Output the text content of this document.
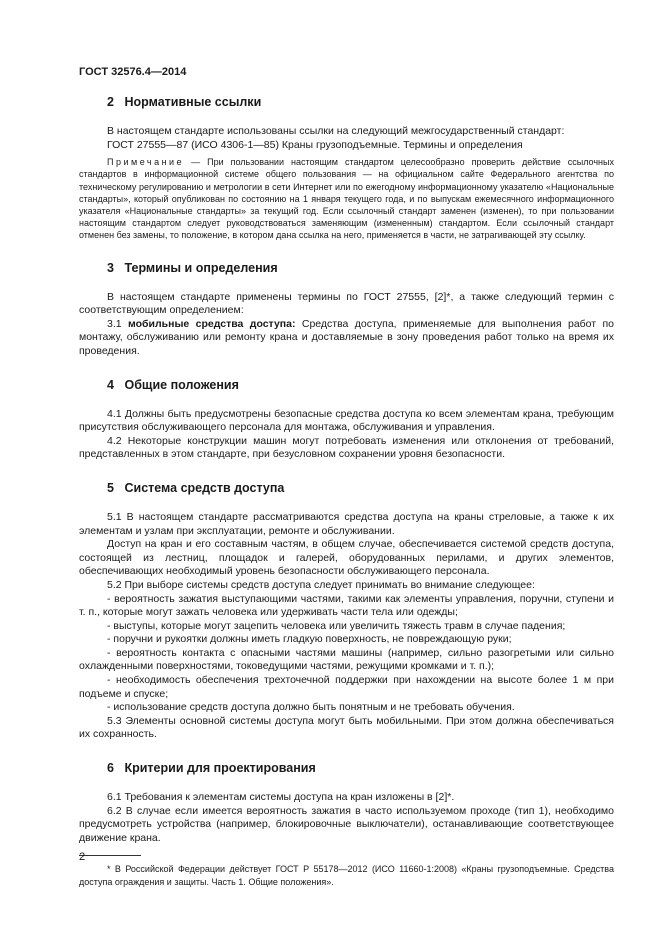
ГОСТ 32576.4—2014
2 Нормативные ссылки

В настоящем стандарте использованы ссылки на следующий межгосударственный стандарт:

ГОСТ 27555—87 (ИСО 4306-1—85) Краны грузоподъемные. Термины и определения

Примечание — При пользовании настоящим стандартом целесообразно проверить действие ссылочных стандартов в информационной системе общего пользования — на официальном сайте Федерального агентства по техническому регулированию и метрологии в сети Интернет или по ежегодному информационному указателю «Национальные стандарты», который опубликован по состоянию на 1 января текущего года, и по выпускам ежемесячного информационного указателя «Национальные стандарты» за текущий год. Если ссылочный стандарт заменен (изменен), то при пользовании настоящим стандартом следует руководствоваться заменяющим (измененным) стандартом. Если ссылочный стандарт отменен без замены, то положение, в котором дана ссылка на него, применяется в части, не затрагивающей эту ссылку.

3 Термины и определения

В настоящем стандарте применены термины по ГОСТ 27555, [2]*, а также следующий термин с соответствующим определением:

3.1 мобильные средства доступа: Средства доступа, применяемые для выполнения работ по монтажу, обслуживанию или ремонту крана и доставляемые в зону проведения работ только на время их проведения.

4 Общие положения

4.1 Должны быть предусмотрены безопасные средства доступа ко всем элементам крана, требующим присутствия обслуживающего персонала для монтажа, обслуживания и управления.

4.2 Некоторые конструкции машин могут потребовать изменения или отклонения от требований, представленных в этом стандарте, при безусловном сохранении уровня безопасности.

5 Система средств доступа

5.1 В настоящем стандарте рассматриваются средства доступа на краны стреловые, а также к их элементам и узлам при эксплуатации, ремонте и обслуживании.

Доступ на кран и его составным частям, в общем случае, обеспечивается системой средств доступа, состоящей из лестниц, площадок и галерей, оборудованных перилами, и других элементов, обеспечивающих необходимый уровень безопасности обслуживающего персонала.

5.2 При выборе системы средств доступа следует принимать во внимание следующее:

- вероятность зажатия выступающими частями, такими как элементы управления, поручни, ступени и т. п., которые могут зажать человека или удерживать части тела или одежды;

- выступы, которые могут зацепить человека или увеличить тяжесть травм в случае падения;

- поручни и рукоятки должны иметь гладкую поверхность, не повреждающую руки;

- вероятность контакта с опасными частями машины (например, сильно разогретыми или сильно охлажденными поверхностями, токоведущими частями, режущими кромками и т. п.);

- необходимость обеспечения трехточечной поддержки при нахождении на высоте более 1 м при подъеме и спуске;

- использование средств доступа должно быть понятным и не требовать обучения.

5.3 Элементы основной системы доступа могут быть мобильными. При этом должна обеспечиваться их сохранность.

6 Критерии для проектирования

6.1 Требования к элементам системы доступа на кран изложены в [2]*.

6.2 В случае если имеется вероятность зажатия в часто используемом проходе (тип 1), необходимо предусмотреть устройства (например, блокировочные выключатели), останавливающие соответствующее движение крана.

* В Российской Федерации действует ГОСТ Р 55178—2012 (ИСО 11660-1:2008) «Краны грузоподъемные. Средства доступа ограждения и защиты. Часть 1. Общие положения».

2
